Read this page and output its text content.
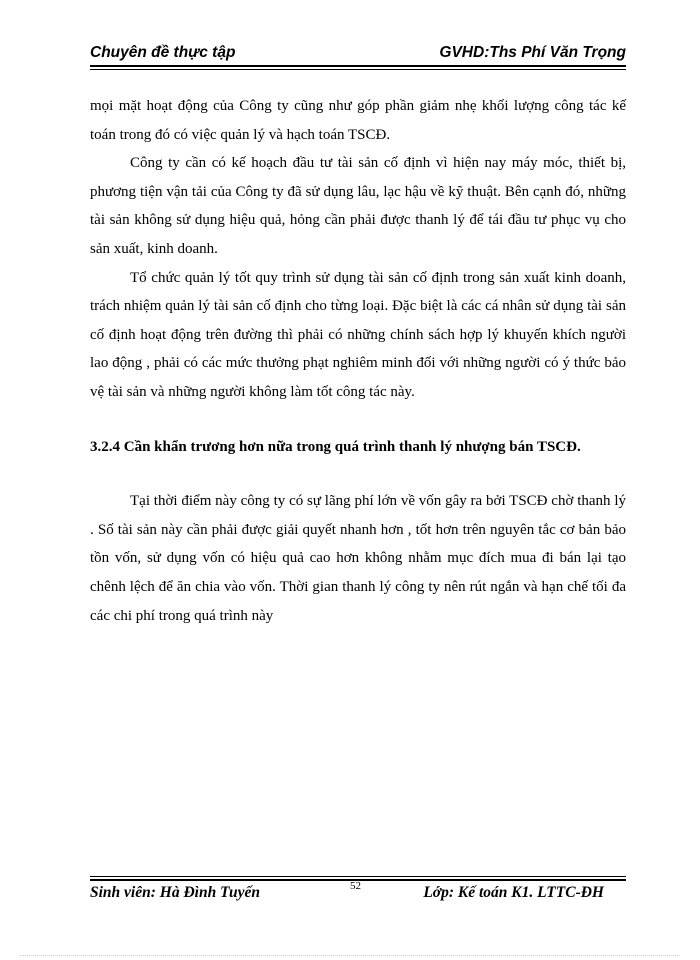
Chuyên đề thực tập	GVHD:Ths Phí Văn Trọng

mọi mặt hoạt động của Công ty cũng như góp phần giảm nhẹ khối lượng công tác kế toán trong đó có việc quản lý và hạch toán TSCĐ.

Công ty cần có kế hoạch đầu tư tài sản cố định vì hiện nay máy móc, thiết bị, phương tiện vận tải của Công ty đã sử dụng lâu, lạc hậu về kỹ thuật. Bên cạnh đó, những tài sản không sử dụng hiệu quả, hỏng cần phải được thanh lý để tái đầu tư phục vụ cho sản xuất, kinh doanh.

Tổ chức quản lý tốt quy trình sử dụng tài sản cố định trong sản xuất kinh doanh, trách nhiệm quản lý tài sản cố định cho từng loại. Đặc biệt là các cá nhân sử dụng tài sản cố định hoạt động trên đường thì phải có những chính sách hợp lý khuyến khích người lao động , phải có các mức thưởng phạt nghiêm minh đối với những người có ý thức bảo vệ tài sản và những người không làm tốt công tác này.

3.2.4 Cần khẩn trương hơn nữa trong quá trình thanh lý nhượng bán TSCĐ.

Tại thời điểm này công ty có sự lãng phí lớn về vốn gây ra bởi TSCĐ chờ thanh lý . Số tài sản này cần phải được giải quyết nhanh hơn , tốt hơn trên nguyên tắc cơ bản bảo tồn vốn, sử dụng vốn có hiệu quả cao hơn không nhằm mục đích mua đi bán lại tạo chênh lệch để ăn chia vào vốn. Thời gian thanh lý công ty nên rút ngắn và hạn chế tối đa các chi phí trong quá trình này

52
Sinh viên: Hà Đình Tuyến	Lớp: Kế toán K1. LTTC-ĐH
